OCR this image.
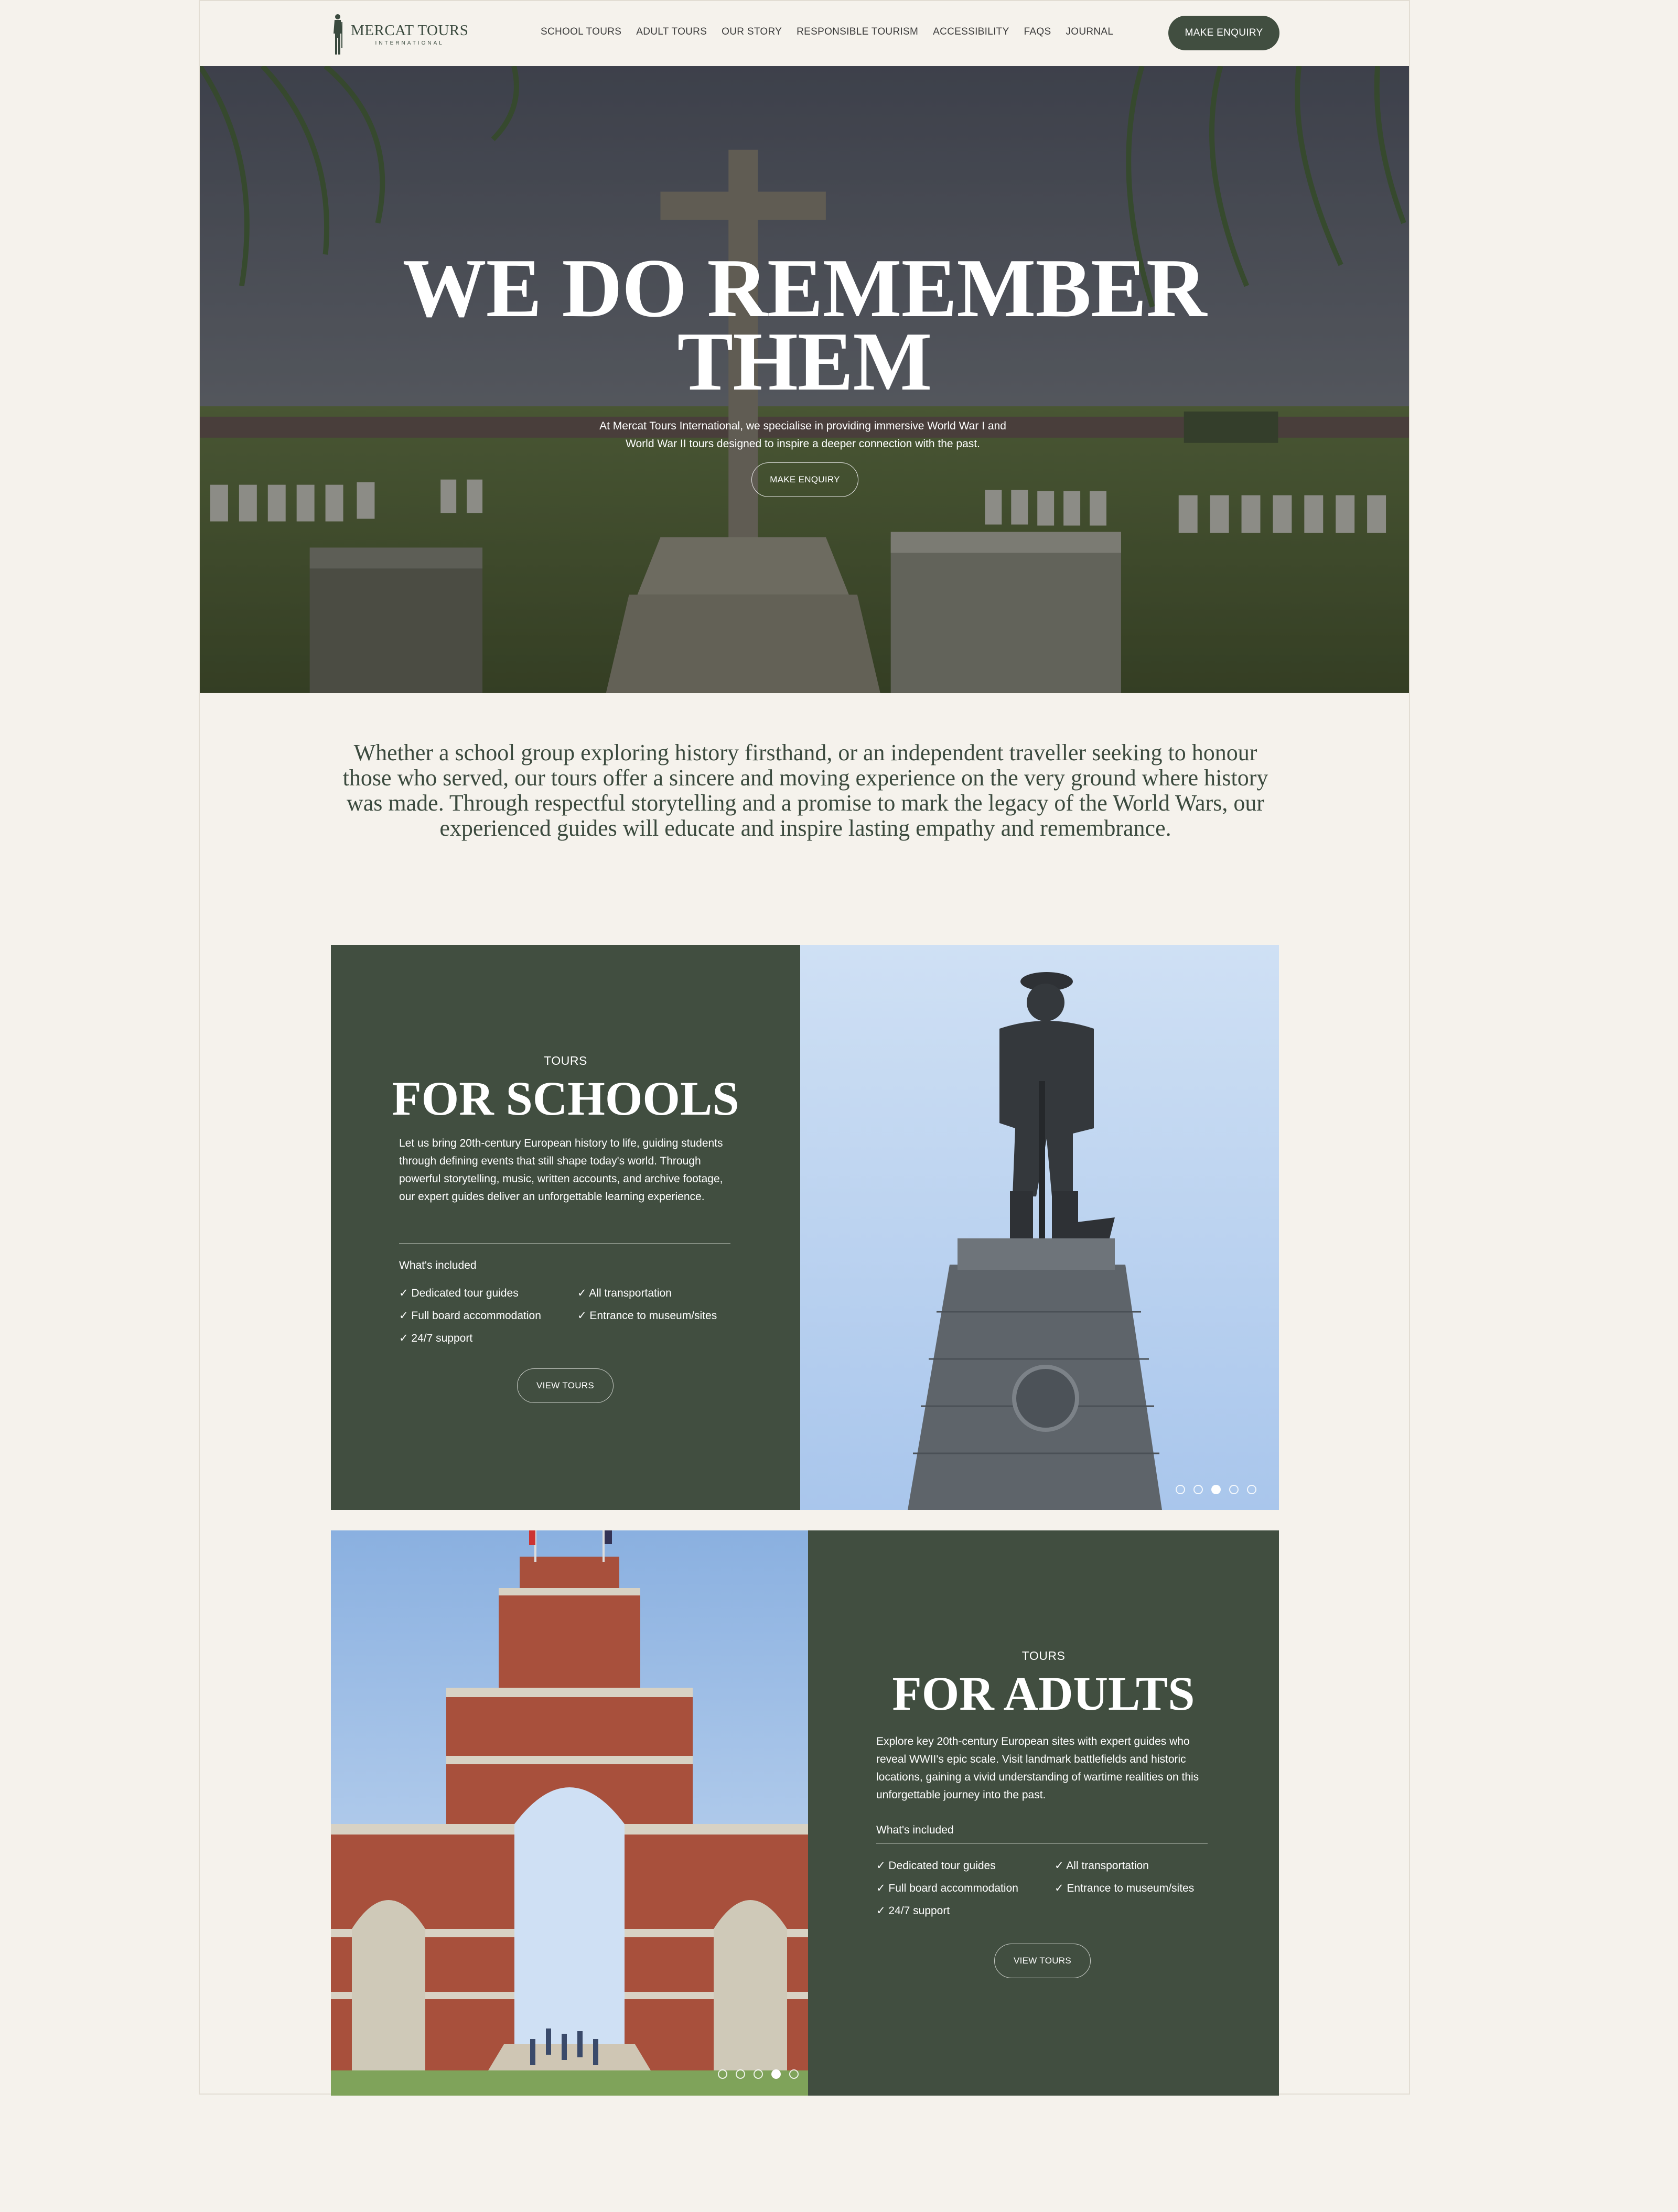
MERCAT TOURS
INTERNATIONAL
SCHOOL TOURS ADULT TOURS OUR STORY RESPONSIBLE TOURISM ACCESSIBILITY FAQS JOURNAL	MAKE ENQUIRY
WE DO REMEMBER
THEM

At Mercat Tours International, we specialise in providing immersive World War I and World War II tours designed to inspire a deeper connection with the past.

MAKE ENQUIRY

Whether a school group exploring history firsthand, or an independent traveller seeking to honour those who served, our tours offer a sincere and moving experience on the very ground where history was made. Through respectful storytelling and a promise to mark the legacy of the World Wars, our experienced guides will educate and inspire lasting empathy and remembrance.

TOURS
FOR SCHOOLS

Let us bring 20th-century European history to life, guiding students through defining events that still shape today's world. Through powerful storytelling, music, written accounts, and archive footage, our expert guides deliver an unforgettable learning experience.

What's included
✓ Dedicated tour guides	✓ All transportation
✓ Full board accommodation	✓ Entrance to museum/sites
✓ 24/7 support
VIEW TOURS
TOURS
FOR ADULTS

Explore key 20th-century European sites with expert guides who reveal WWII's epic scale. Visit landmark battlefields and historic locations, gaining a vivid understanding of wartime realities on this unforgettable journey into the past.

What's included
✓ Dedicated tour guides	✓ All transportation
✓ Full board accommodation	✓ Entrance to museum/sites
✓ 24/7 support
VIEW TOURS
